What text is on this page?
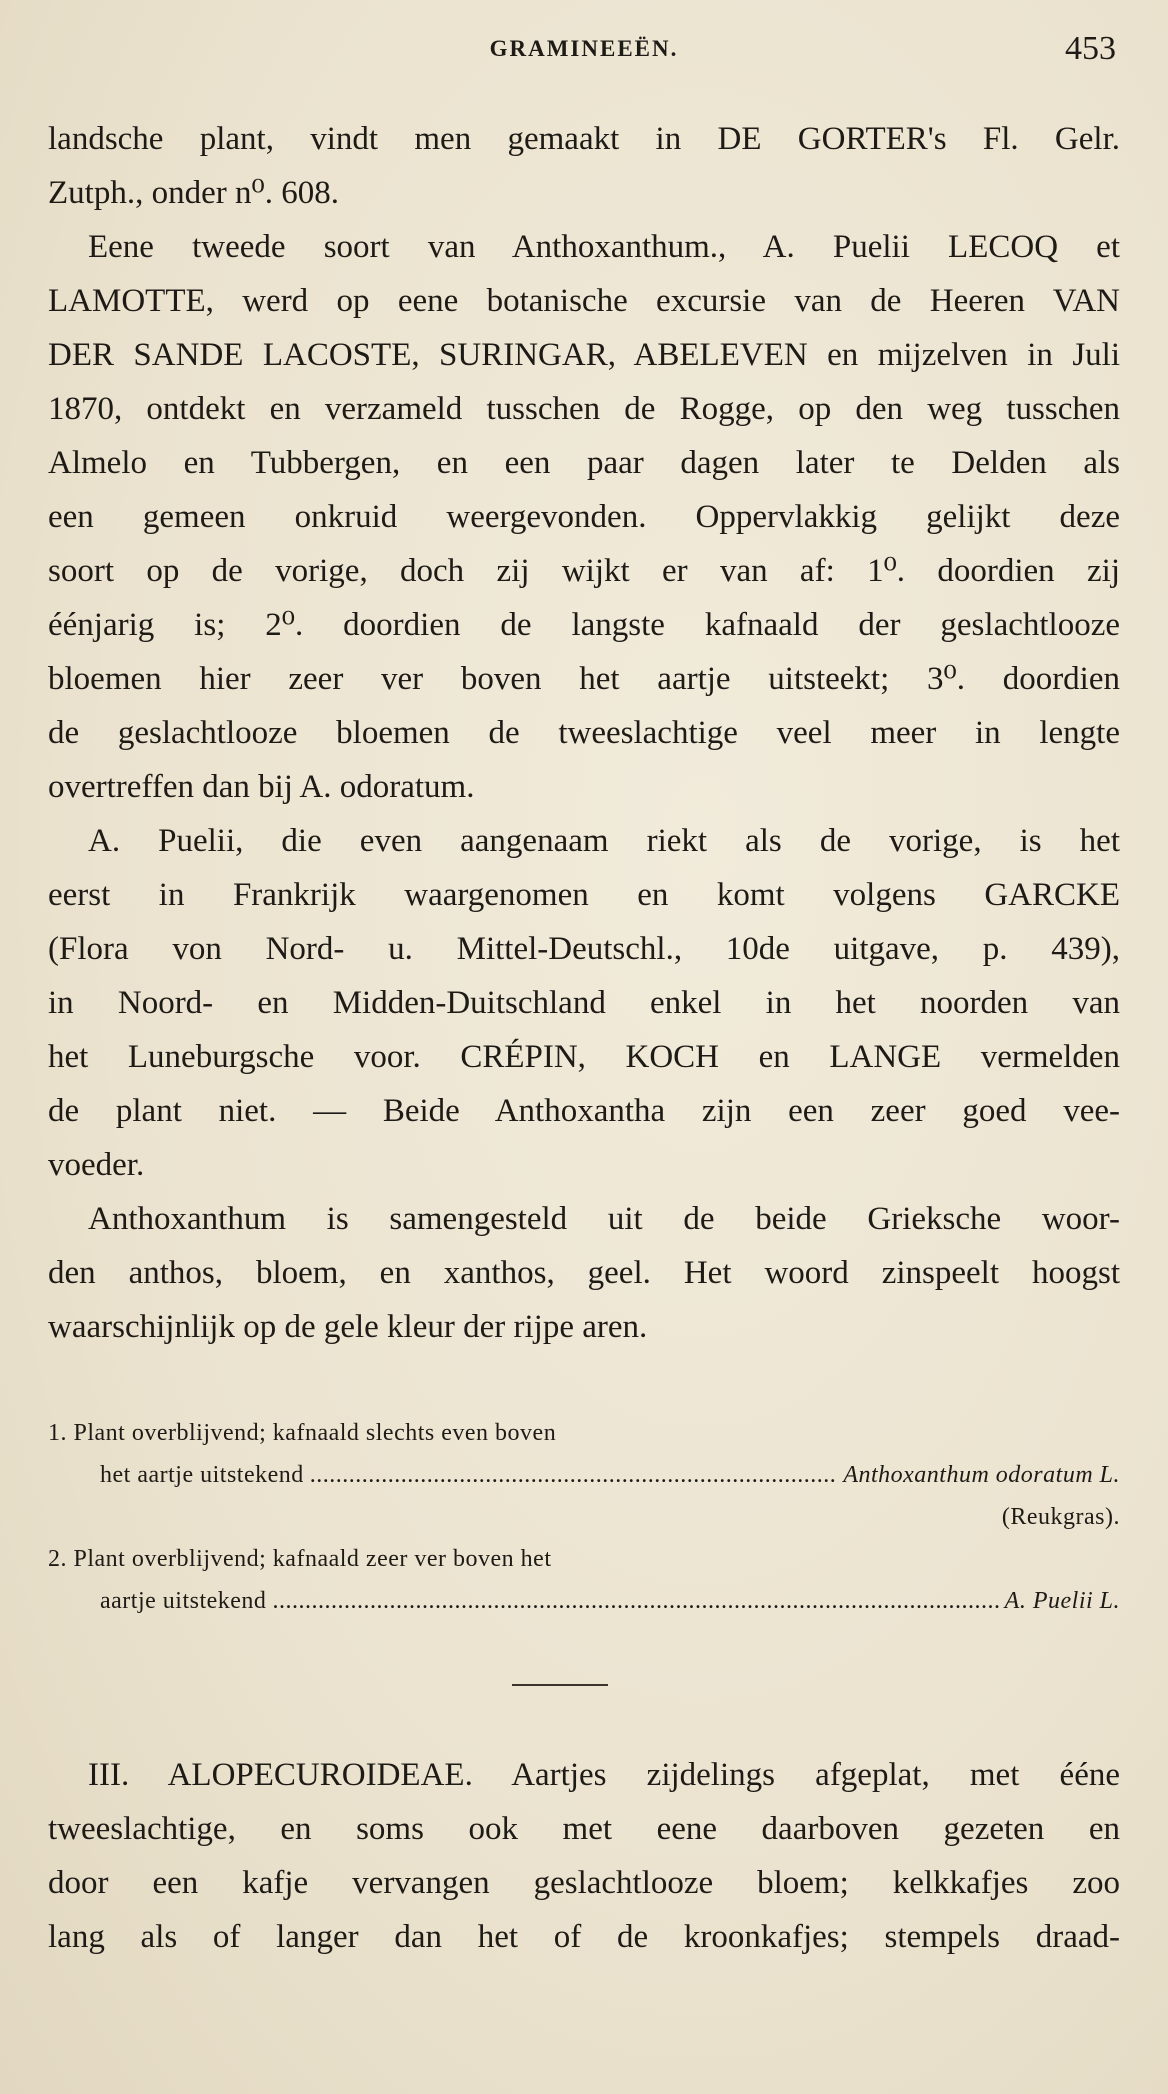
GRAMINEEËN.	453
landsche plant, vindt men gemaakt in DE GORTER's Fl. Gelr.
Zutph., onder n⁰. 608.
Eene tweede soort van Anthoxanthum., A. Puelii LECOQ et
LAMOTTE, werd op eene botanische excursie van de Heeren VAN
DER SANDE LACOSTE, SURINGAR, ABELEVEN en mijzelven in Juli
1870, ontdekt en verzameld tusschen de Rogge, op den weg tusschen
Almelo en Tubbergen, en een paar dagen later te Delden als
een gemeen onkruid weergevonden. Oppervlakkig gelijkt deze
soort op de vorige, doch zij wijkt er van af: 1⁰. doordien zij
éénjarig is; 2⁰. doordien de langste kafnaald der geslachtlooze
bloemen hier zeer ver boven het aartje uitsteekt; 3⁰. doordien
de geslachtlooze bloemen de tweeslachtige veel meer in lengte
overtreffen dan bij A. odoratum.
A. Puelii, die even aangenaam riekt als de vorige, is het
eerst in Frankrijk waargenomen en komt volgens GARCKE
(Flora von Nord- u. Mittel-Deutschl., 10de uitgave, p. 439),
in Noord- en Midden-Duitschland enkel in het noorden van
het Luneburgsche voor. CRÉPIN, KOCH en LANGE vermelden
de plant niet. — Beide Anthoxantha zijn een zeer goed vee-
voeder.
Anthoxanthum is samengesteld uit de beide Grieksche woor-
den anthos, bloem, en xanthos, geel. Het woord zinspeelt hoogst
waarschijnlijk op de gele kleur der rijpe aren.
1. Plant overblijvend; kafnaald slechts even boven
het aartje uitstekend .....	Anthoxanthum odoratum L.
(Reukgras).
2. Plant overblijvend; kafnaald zeer ver boven het
aartje uitstekend .....	A. Puelii L.
III. ALOPECUROIDEAE. Aartjes zijdelings afgeplat, met ééne
tweeslachtige, en soms ook met eene daarboven gezeten en
door een kafje vervangen geslachtlooze bloem; kelkkafjes zoo
lang als of langer dan het of de kroonkafjes; stempels draad-
